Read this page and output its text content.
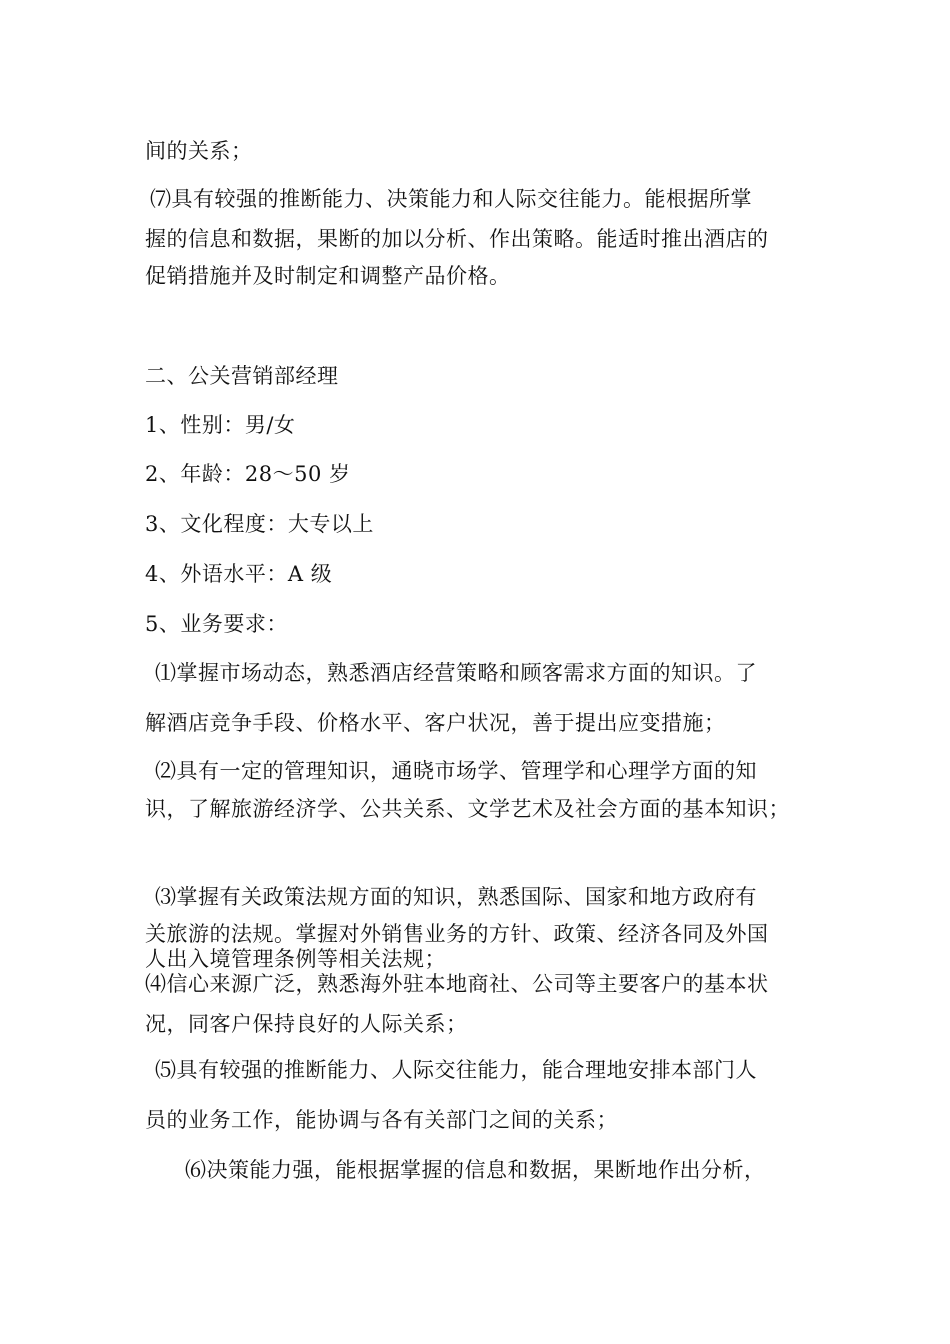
间的关系；
⑺具有较强的推断能力、决策能力和人际交往能力。能根据所掌
握的信息和数据，果断的加以分析、作出策略。能适时推出酒店的
促销措施并及时制定和调整产品价格。
二、公关营销部经理
1、性别：男/女
2、年龄：28～50 岁
3、文化程度：大专以上
4、外语水平：A 级
5、业务要求：
⑴掌握市场动态，熟悉酒店经营策略和顾客需求方面的知识。了
解酒店竞争手段、价格水平、客户状况，善于提出应变措施；
⑵具有一定的管理知识，通晓市场学、管理学和心理学方面的知
识，了解旅游经济学、公共关系、文学艺术及社会方面的基本知识；
⑶掌握有关政策法规方面的知识，熟悉国际、国家和地方政府有
关旅游的法规。掌握对外销售业务的方针、政策、经济各同及外国
人出入境管理条例等相关法规；
⑷信心来源广泛，熟悉海外驻本地商社、公司等主要客户的基本状
况，同客户保持良好的人际关系；
⑸具有较强的推断能力、人际交往能力，能合理地安排本部门人
员的业务工作，能协调与各有关部门之间的关系；
⑹决策能力强，能根据掌握的信息和数据，果断地作出分析，
